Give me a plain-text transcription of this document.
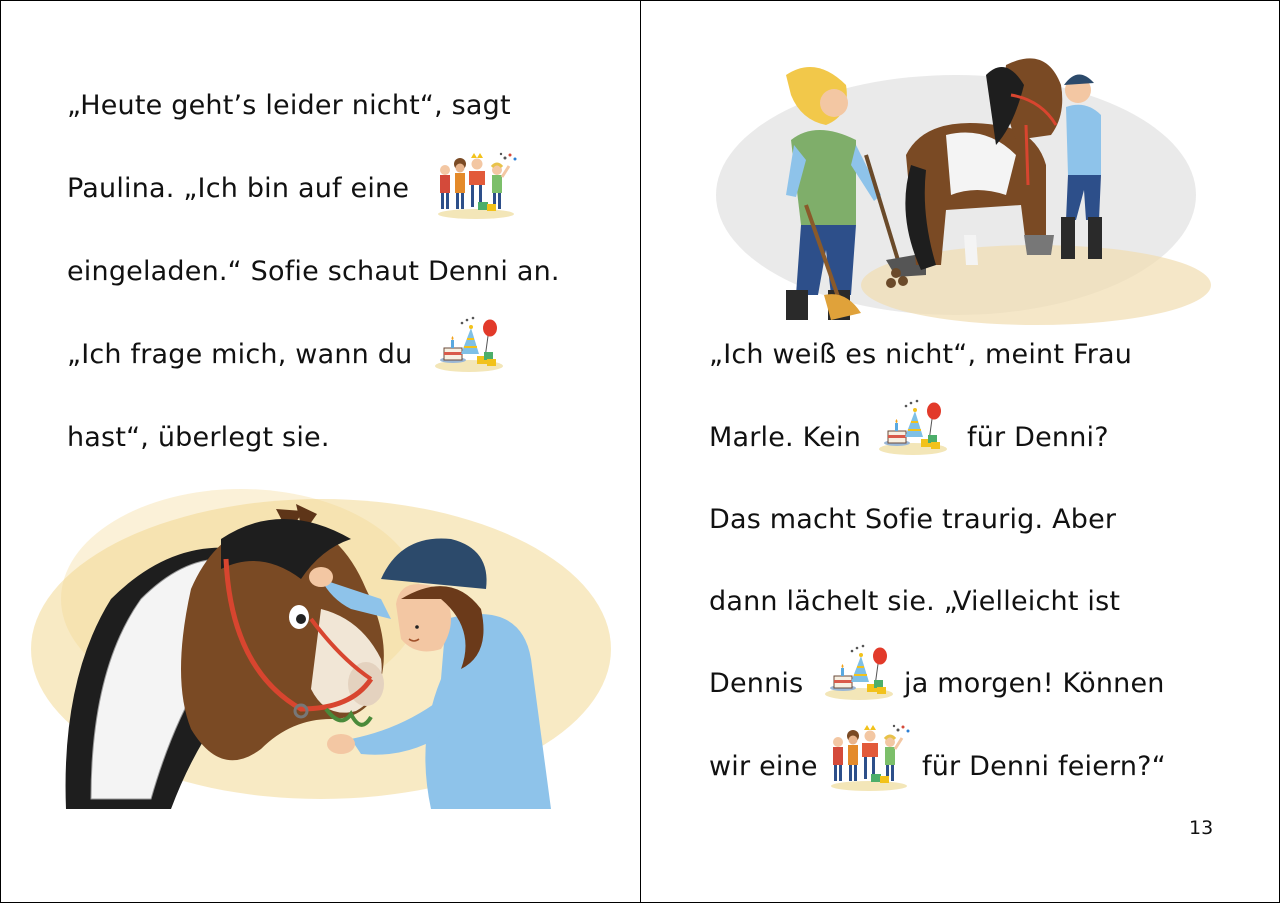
„Heute geht’s leider nicht“, sagt
Paulina. „Ich bin auf eine
eingeladen.“ Sofie schaut Denni an.
„Ich frage mich, wann du
hast“, überlegt sie.
„Ich weiß es nicht“, meint Frau
Marle. Kein	für Denni?
Das macht Sofie traurig. Aber
dann lächelt sie. „Vielleicht ist
Dennis	ja morgen! Können
wir eine	für Denni feiern?“
13
